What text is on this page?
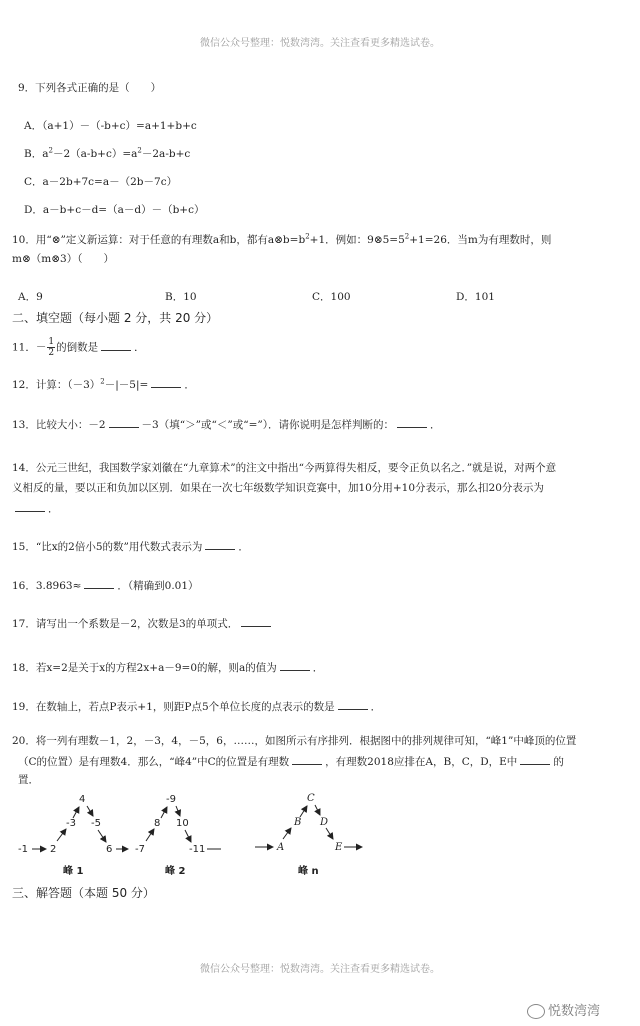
微信公众号整理：悦数湾湾。关注查看更多精选试卷。
9．下列各式正确的是（　　）
A．（a+1）－（-b+c）=a+1+b+c
B．$a^2-2(a-b+c)=a^2-2a-b+c$
C．a－2b+7c=a－（2b－7c）
D．a－b+c－d=（a－d）－（b+c）
10．用“⊗”定义新运算：对于任意的有理数a和b，都有$a\otimes b=b^2+1$．例如：$9\otimes 5=5^2+1=26$．当m为有理数时，则
m⊗（m⊗3）（　　）
A．9	B．10	C．100	D．101
二、填空题（每小题 2 分，共 20 分）
11．－ $\frac{1}{2}$ 的倒数是	．
12．计算：$(-3)^2-|-5|=$	．
13．比较大小：－2	－3（填“＞”或“＜”或“=”）．请你说明是怎样判断的：	．
14．公元三世纪，我国数学家刘徽在“九章算术”的注文中指出“今两算得失相反，要令正负以名之．”就是说，对两个意
义相反的量，要以正和负加以区别．如果在一次七年级数学知识竞赛中，加10分用+10分表示，那么扣20分表示为
．
15．“比x的2倍小5的数”用代数式表示为	．
16．3.8963≈	．（精确到0.01）
17．请写出一个系数是－2，次数是3的单项式．
18．若x=2是关于x的方程2x+a－9=0的解，则a的值为	．
19．在数轴上，若点P表示+1，则距P点5个单位长度的点表示的数是	．
20．将一列有理数－1，2，－3，4，－5，6，……，如图所示有序排列．根据图中的排列规律可知，“峰1”中峰顶的位置
（C的位置）是有理数4．那么，“峰4”中C的位置是有理数	，有理数2018应排在A，B，C，D，E中	的
置．
-1 2
-3
4
-5
6
峰 1
-7
8
-9
10
-11
峰 2
A
B
C
D
E
峰 n
三、解答题（本题 50 分）
微信公众号整理：悦数湾湾。关注查看更多精选试卷。
悦数湾湾
